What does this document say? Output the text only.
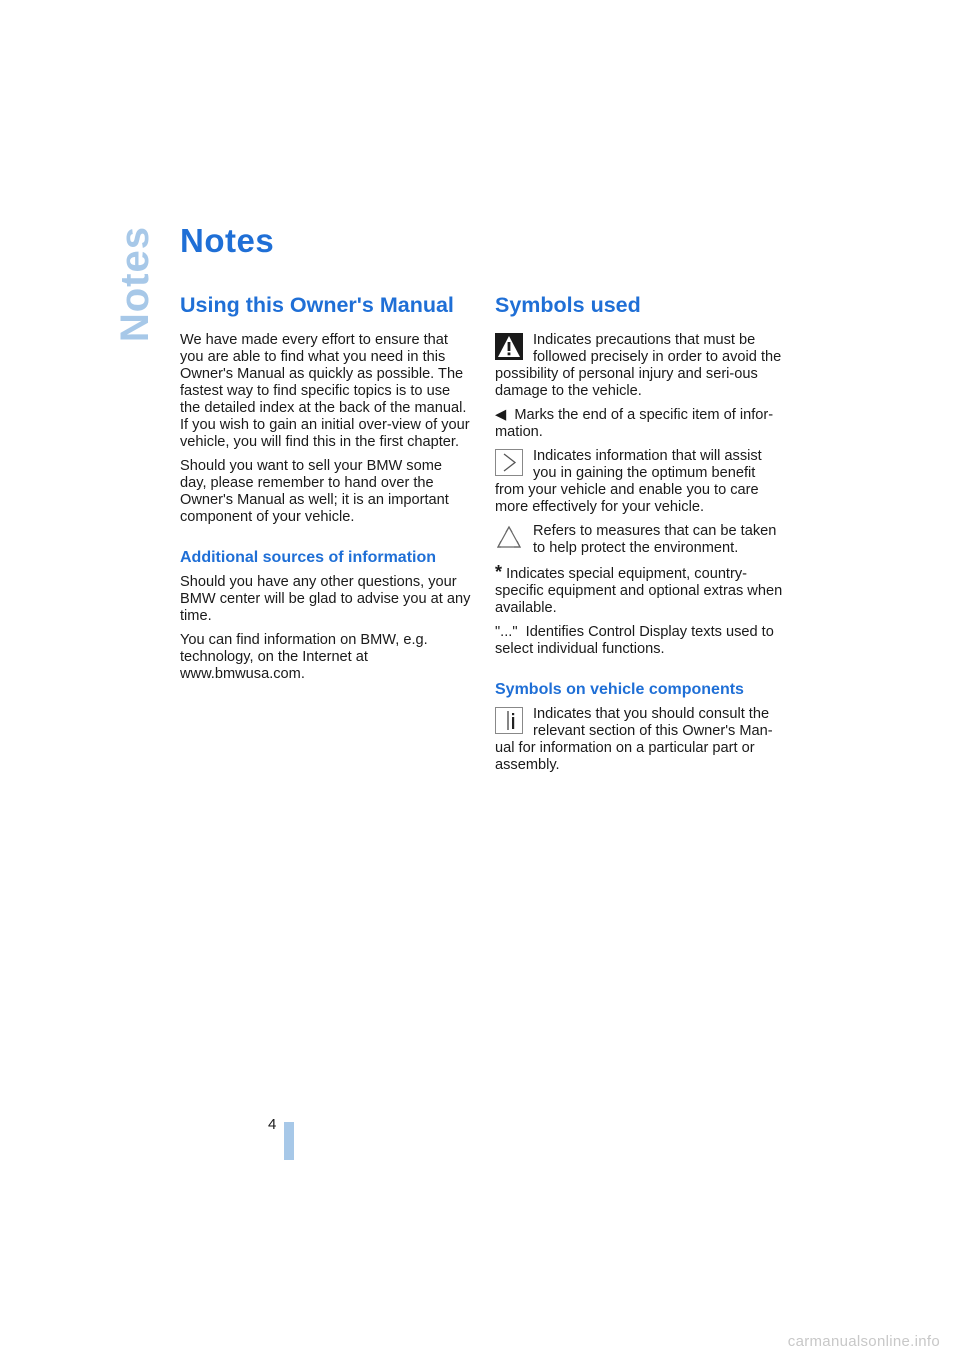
Notes Notes
Using this Owner's Manual

We have made every effort to ensure that you are able to find what you need in this Owner's Manual as quickly as possible. The fastest way to find specific topics is to use the detailed index at the back of the manual. If you wish to gain an initial over-view of your vehicle, you will find this in the first chapter.

Should you want to sell your BMW some day, please remember to hand over the Owner's Manual as well; it is an important component of your vehicle.

Additional sources of information

Should you have any other questions, your BMW center will be glad to advise you at any time.

You can find information on BMW, e.g. technology, on the Internet at www.bmwusa.com.

Symbols used
Indicates precautions that must be followed precisely in order to avoid the possibility of personal injury and seri-ous damage to the vehicle.

◀ Marks the end of a specific item of infor-mation.

Indicates information that will assist you in gaining the optimum benefit from your vehicle and enable you to care more effectively for your vehicle.
Refers to measures that can be taken to help protect the environment.

* Indicates special equipment, country-specific equipment and optional extras when available.

"..." Identifies Control Display texts used to select individual functions.

Symbols on vehicle components
Indicates that you should consult the relevant section of this Owner's Man-ual for information on a particular part or assembly.
4
carmanualsonline.info
